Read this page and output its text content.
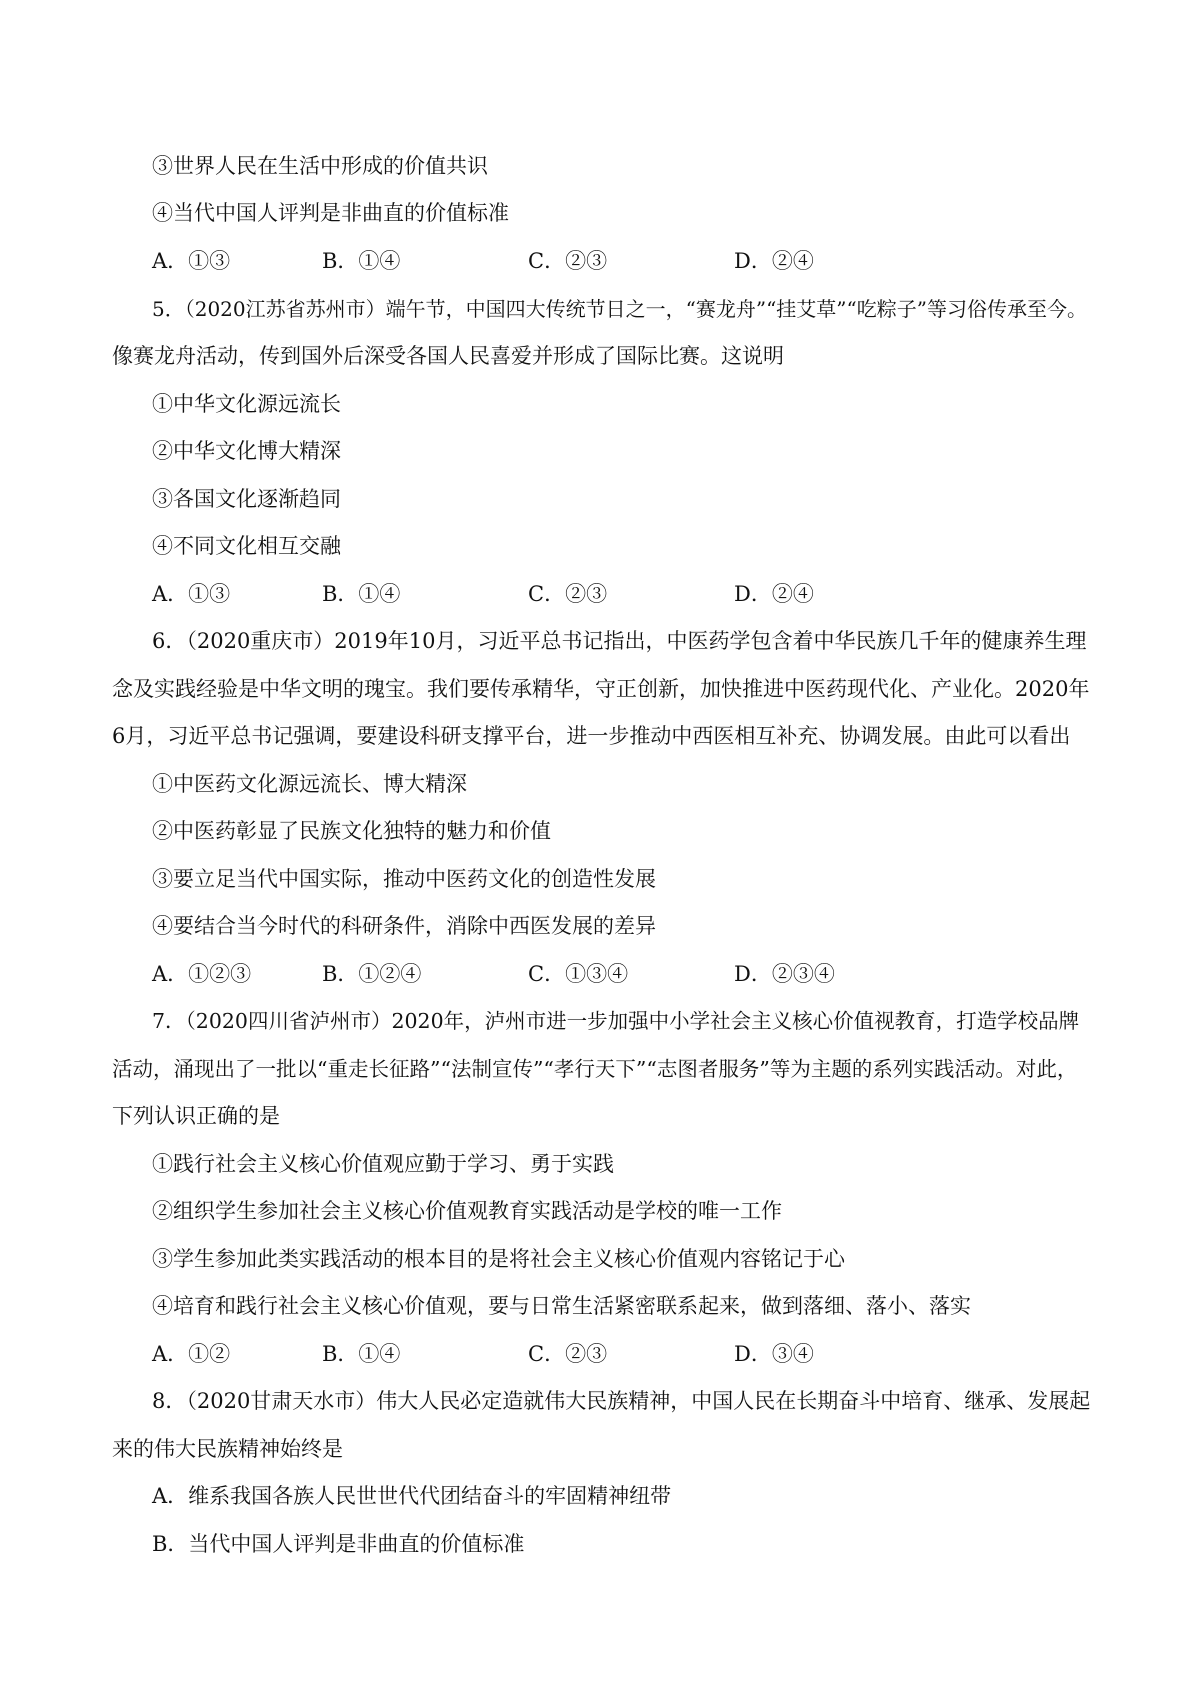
③世界人民在生活中形成的价值共识
④当代中国人评判是非曲直的价值标准
A．①③	B．①④	C．②③	D．②④
5．（2020江苏省苏州市）端午节，中国四大传统节日之一，“赛龙舟”“挂艾草”“吃粽子”等习俗传承至今。
像赛龙舟活动，传到国外后深受各国人民喜爱并形成了国际比赛。这说明
①中华文化源远流长
②中华文化博大精深
③各国文化逐渐趋同
④不同文化相互交融
A．①③	B．①④	C．②③	D．②④
6．（2020重庆市）2019年10月，习近平总书记指出，中医药学包含着中华民族几千年的健康养生理
念及实践经验是中华文明的瑰宝。我们要传承精华，守正创新，加快推进中医药现代化、产业化。2020年
6月，习近平总书记强调，要建设科研支撑平台，进一步推动中西医相互补充、协调发展。由此可以看出
①中医药文化源远流长、博大精深
②中医药彰显了民族文化独特的魅力和价值
③要立足当代中国实际，推动中医药文化的创造性发展
④要结合当今时代的科研条件，消除中西医发展的差异
A．①②③	B．①②④	C．①③④	D．②③④
7．（2020四川省泸州市）2020年，泸州市进一步加强中小学社会主义核心价值视教育，打造学校品牌
活动，涌现出了一批以“重走长征路”“法制宣传”“孝行天下”“志图者服务”等为主题的系列实践活动。对此，
下列认识正确的是
①践行社会主义核心价值观应勤于学习、勇于实践
②组织学生参加社会主义核心价值观教育实践活动是学校的唯一工作
③学生参加此类实践活动的根本目的是将社会主义核心价值观内容铭记于心
④培育和践行社会主义核心价值观，要与日常生活紧密联系起来，做到落细、落小、落实
A．①②	B．①④	C．②③	D．③④
8．（2020甘肃天水市）伟大人民必定造就伟大民族精神，中国人民在长期奋斗中培育、继承、发展起
来的伟大民族精神始终是
A．维系我国各族人民世世代代团结奋斗的牢固精神纽带
B．当代中国人评判是非曲直的价值标准
